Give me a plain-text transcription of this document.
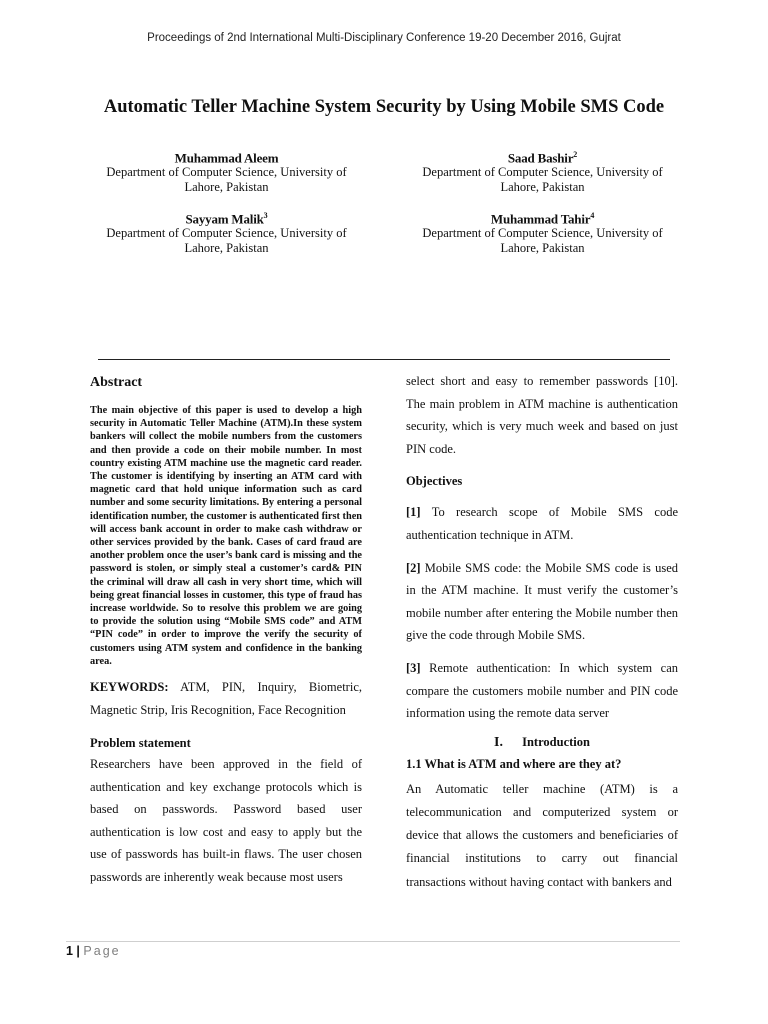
Proceedings of 2nd International Multi-Disciplinary Conference 19-20 December 2016, Gujrat
Automatic Teller Machine System Security by Using Mobile SMS Code
Muhammad Aleem
Department of Computer Science, University of
Lahore, Pakistan
Saad Bashir$^2$
Department of Computer Science, University of
Lahore, Pakistan
Sayyam Malik$^3$
Department of Computer Science, University of
Lahore, Pakistan
Muhammad Tahir$^4$
Department of Computer Science, University of
Lahore, Pakistan
Abstract
The main objective of this paper is used to develop a high security in Automatic Teller Machine (ATM).In these system bankers will collect the mobile numbers from the customers and then provide a code on their mobile number. In most country existing ATM machine use the magnetic card reader. The customer is identifying by inserting an ATM card with magnetic card that hold unique information such as card number and some security limitations. By entering a personal identification number, the customer is authenticated first then will access bank account in order to make cash withdraw or other services provided by the bank. Cases of card fraud are another problem once the user’s bank card is missing and the password is stolen, or simply steal a customer’s card& PIN the criminal will draw all cash in very short time, which will being great financial losses in customer, this type of fraud has increase worldwide. So to resolve this problem we are going to provide the solution using “Mobile SMS code” and ATM “PIN code” in order to improve the verify the security of customers using ATM system and confidence in the banking area.
KEYWORDS: ATM, PIN, Inquiry, Biometric, Magnetic Strip, Iris Recognition, Face Recognition
Problem statement
Researchers have been approved in the field of authentication and key exchange protocols which is based on passwords. Password based user authentication is low cost and easy to apply but the use of passwords has built-in flaws. The user chosen passwords are inherently weak because most users
select short and easy to remember passwords [10]. The main problem in ATM machine is authentication security, which is very much week and based on just PIN code.
Objectives
[1] To research scope of Mobile SMS code authentication technique in ATM.
[2] Mobile SMS code: the Mobile SMS code is used in the ATM machine. It must verify the customer’s mobile number after entering the Mobile number then give the code through Mobile SMS.
[3] Remote authentication: In which system can compare the customers mobile number and PIN code information using the remote data server
I. Introduction
1.1 What is ATM and where are they at?
An Automatic teller machine (ATM) is a telecommunication and computerized system or device that allows the customers and beneficiaries of financial institutions to carry out financial transactions without having contact with bankers and
1 | Page
